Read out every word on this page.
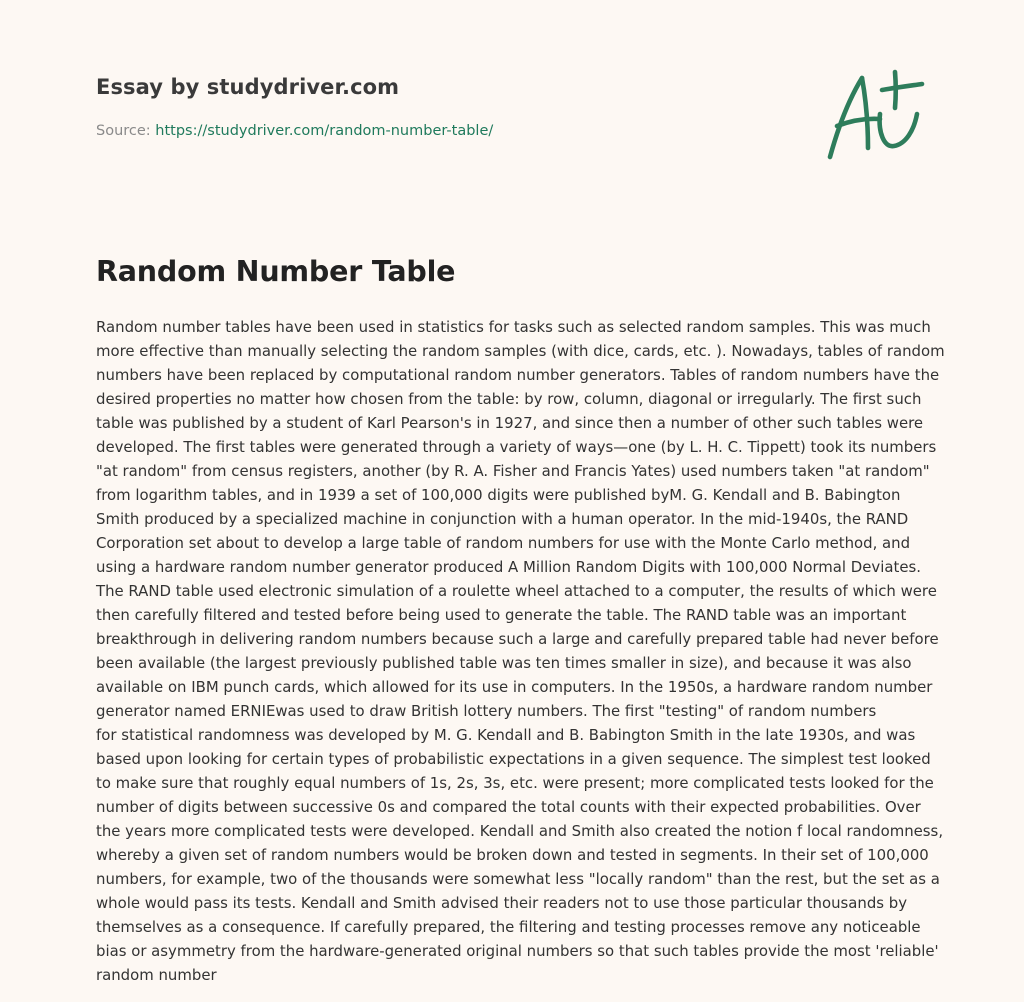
Essay by studydriver.com
Source: https://studydriver.com/random-number-table/
Random Number Table

Random number tables have been used in statistics for tasks such as selected random samples. This was much
more effective than manually selecting the random samples (with dice, cards, etc. ). Nowadays, tables of random
numbers have been replaced by computational random number generators. Tables of random numbers have the
desired properties no matter how chosen from the table: by row, column, diagonal or irregularly. The first such
table was published by a student of Karl Pearson's in 1927, and since then a number of other such tables were
developed. The first tables were generated through a variety of ways—one (by L. H. C. Tippett) took its numbers
"at random" from census registers, another (by R. A. Fisher and Francis Yates) used numbers taken "at random"
from logarithm tables, and in 1939 a set of 100,000 digits were published byM. G. Kendall and B. Babington
Smith produced by a specialized machine in conjunction with a human operator. In the mid-1940s, the RAND
Corporation set about to develop a large table of random numbers for use with the Monte Carlo method, and
using a hardware random number generator produced A Million Random Digits with 100,000 Normal Deviates.
The RAND table used electronic simulation of a roulette wheel attached to a computer, the results of which were
then carefully filtered and tested before being used to generate the table. The RAND table was an important
breakthrough in delivering random numbers because such a large and carefully prepared table had never before
been available (the largest previously published table was ten times smaller in size), and because it was also
available on IBM punch cards, which allowed for its use in computers. In the 1950s, a hardware random number
generator named ERNIEwas used to draw British lottery numbers. The first "testing" of random numbers
for statistical randomness was developed by M. G. Kendall and B. Babington Smith in the late 1930s, and was
based upon looking for certain types of probabilistic expectations in a given sequence. The simplest test looked
to make sure that roughly equal numbers of 1s, 2s, 3s, etc. were present; more complicated tests looked for the
number of digits between successive 0s and compared the total counts with their expected probabilities. Over
the years more complicated tests were developed. Kendall and Smith also created the notion f local randomness,
whereby a given set of random numbers would be broken down and tested in segments. In their set of 100,000
numbers, for example, two of the thousands were somewhat less "locally random" than the rest, but the set as a
whole would pass its tests. Kendall and Smith advised their readers not to use those particular thousands by
themselves as a consequence. If carefully prepared, the filtering and testing processes remove any noticeable
bias or asymmetry from the hardware-generated original numbers so that such tables provide the most 'reliable'
random number
